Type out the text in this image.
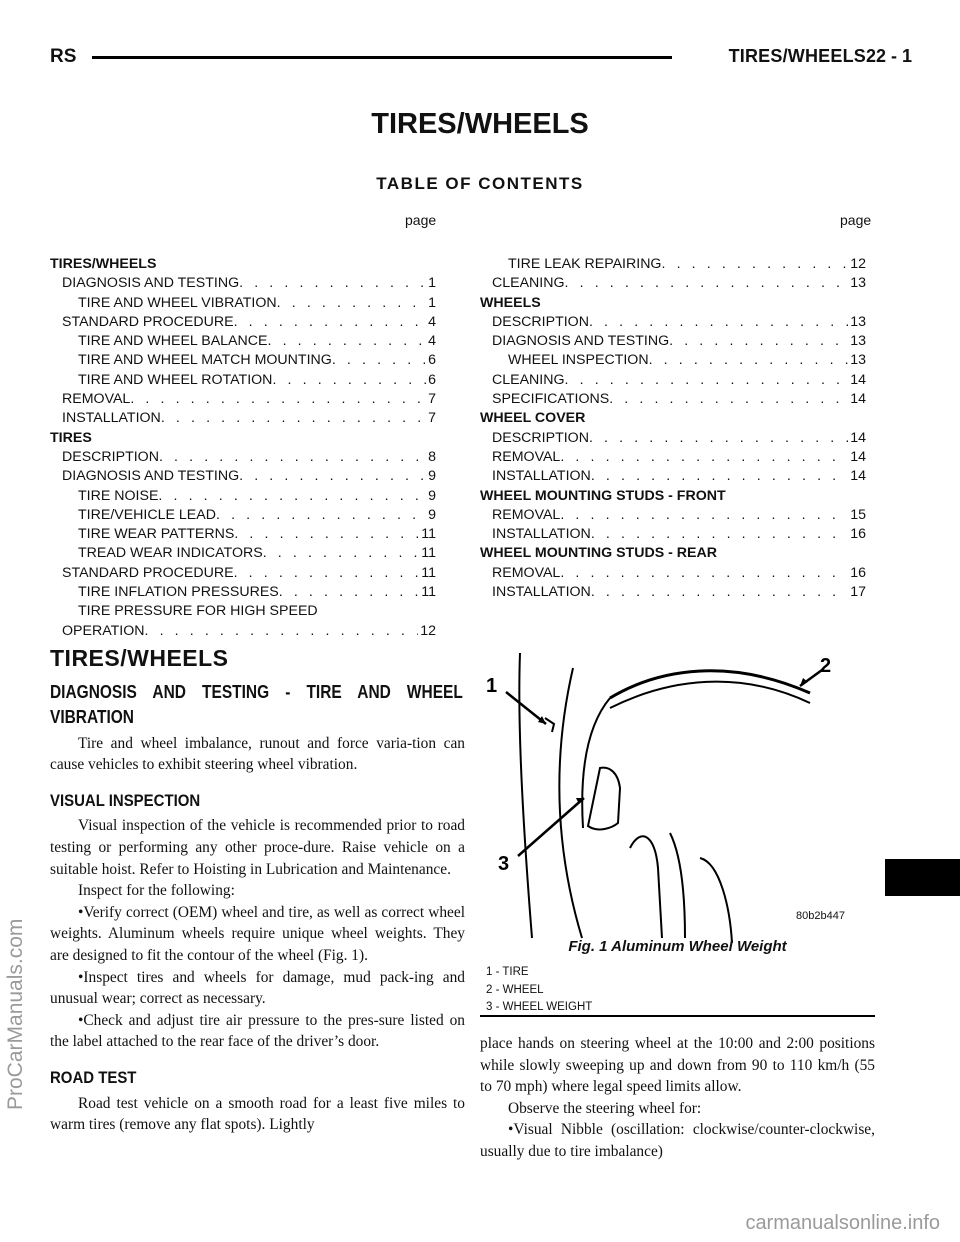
RS	TIRES/WHEELS 22 - 1
TIRES/WHEELS
TABLE OF CONTENTS
page	page
TIRES/WHEELS
DIAGNOSIS AND TESTING . . .	1
TIRE AND WHEEL VIBRATION . . .	1
STANDARD PROCEDURE . . .	4
TIRE AND WHEEL BALANCE . . .	4
TIRE AND WHEEL MATCH MOUNTING . . .	6
TIRE AND WHEEL ROTATION . . .	6
REMOVAL . . .	7
INSTALLATION . . .	7
TIRES
DESCRIPTION . . .	8
DIAGNOSIS AND TESTING . . .	9
TIRE NOISE . . .	9
TIRE/VEHICLE LEAD . . .	9
TIRE WEAR PATTERNS . . .	11
TREAD WEAR INDICATORS . . .	11
STANDARD PROCEDURE . . .	11
TIRE INFLATION PRESSURES . . .	11
TIRE PRESSURE FOR HIGH SPEED
OPERATION . . .	12
TIRE LEAK REPAIRING . . .	12
CLEANING . . .	13
WHEELS
DESCRIPTION . . .	13
DIAGNOSIS AND TESTING . . .	13
WHEEL INSPECTION . . .	13
CLEANING . . .	14
SPECIFICATIONS . . .	14
WHEEL COVER
DESCRIPTION . . .	14
REMOVAL . . .	14
INSTALLATION . . .	14
WHEEL MOUNTING STUDS - FRONT
REMOVAL . . .	15
INSTALLATION . . .	16
WHEEL MOUNTING STUDS - REAR
REMOVAL . . .	16
INSTALLATION . . .	17
TIRES/WHEELS
DIAGNOSIS AND TESTING - TIRE AND WHEEL VIBRATION

Tire and wheel imbalance, runout and force varia-tion can cause vehicles to exhibit steering wheel vibration.

VISUAL INSPECTION

Visual inspection of the vehicle is recommended prior to road testing or performing any other proce-dure. Raise vehicle on a suitable hoist. Refer to Hoisting in Lubrication and Maintenance.

Inspect for the following:

•Verify correct (OEM) wheel and tire, as well as correct wheel weights. Aluminum wheels require unique wheel weights. They are designed to fit the contour of the wheel (Fig. 1).

•Inspect tires and wheels for damage, mud pack-ing and unusual wear; correct as necessary.

•Check and adjust tire air pressure to the pres-sure listed on the label attached to the rear face of the driver’s door.

ROAD TEST

Road test vehicle on a smooth road for a least five miles to warm tires (remove any flat spots). Lightly

1
2
3
80b2b447
Fig. 1 Aluminum Wheel Weight
1 - TIRE
2 - WHEEL
3 - WHEEL WEIGHT

place hands on steering wheel at the 10:00 and 2:00 positions while slowly sweeping up and down from 90 to 110 km/h (55 to 70 mph) where legal speed limits allow.

Observe the steering wheel for:

•Visual Nibble (oscillation: clockwise/counter-clockwise, usually due to tire imbalance)

ProCarManuals.com
carmanualsonline.info
